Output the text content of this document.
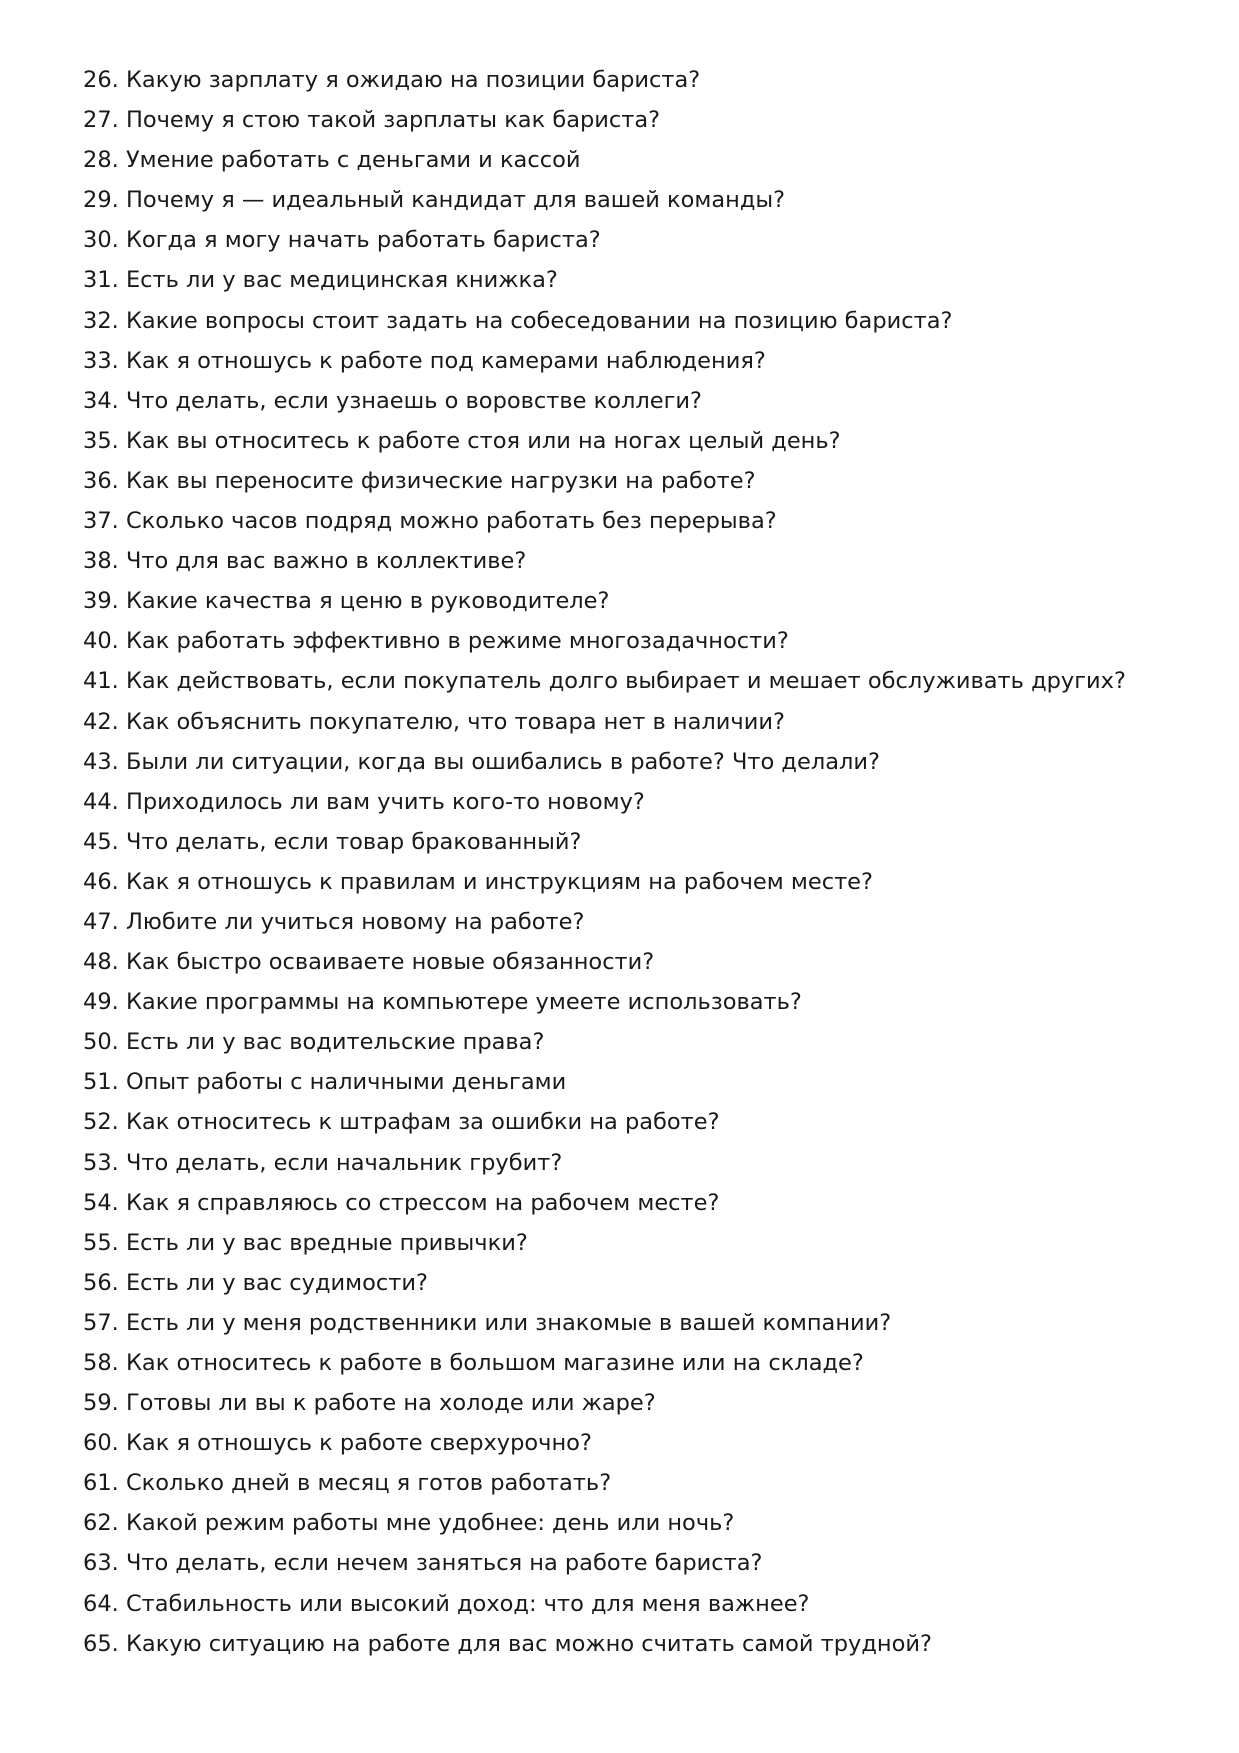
26. Какую зарплату я ожидаю на позиции бариста?
27. Почему я стою такой зарплаты как бариста?
28. Умение работать с деньгами и кассой
29. Почему я — идеальный кандидат для вашей команды?
30. Когда я могу начать работать бариста?
31. Есть ли у вас медицинская книжка?
32. Какие вопросы стоит задать на собеседовании на позицию бариста?
33. Как я отношусь к работе под камерами наблюдения?
34. Что делать, если узнаешь о воровстве коллеги?
35. Как вы относитесь к работе стоя или на ногах целый день?
36. Как вы переносите физические нагрузки на работе?
37. Сколько часов подряд можно работать без перерыва?
38. Что для вас важно в коллективе?
39. Какие качества я ценю в руководителе?
40. Как работать эффективно в режиме многозадачности?
41. Как действовать, если покупатель долго выбирает и мешает обслуживать других?
42. Как объяснить покупателю, что товара нет в наличии?
43. Были ли ситуации, когда вы ошибались в работе? Что делали?
44. Приходилось ли вам учить кого-то новому?
45. Что делать, если товар бракованный?
46. Как я отношусь к правилам и инструкциям на рабочем месте?
47. Любите ли учиться новому на работе?
48. Как быстро осваиваете новые обязанности?
49. Какие программы на компьютере умеете использовать?
50. Есть ли у вас водительские права?
51. Опыт работы с наличными деньгами
52. Как относитесь к штрафам за ошибки на работе?
53. Что делать, если начальник грубит?
54. Как я справляюсь со стрессом на рабочем месте?
55. Есть ли у вас вредные привычки?
56. Есть ли у вас судимости?
57. Есть ли у меня родственники или знакомые в вашей компании?
58. Как относитесь к работе в большом магазине или на складе?
59. Готовы ли вы к работе на холоде или жаре?
60. Как я отношусь к работе сверхурочно?
61. Сколько дней в месяц я готов работать?
62. Какой режим работы мне удобнее: день или ночь?
63. Что делать, если нечем заняться на работе бариста?
64. Стабильность или высокий доход: что для меня важнее?
65. Какую ситуацию на работе для вас можно считать самой трудной?
